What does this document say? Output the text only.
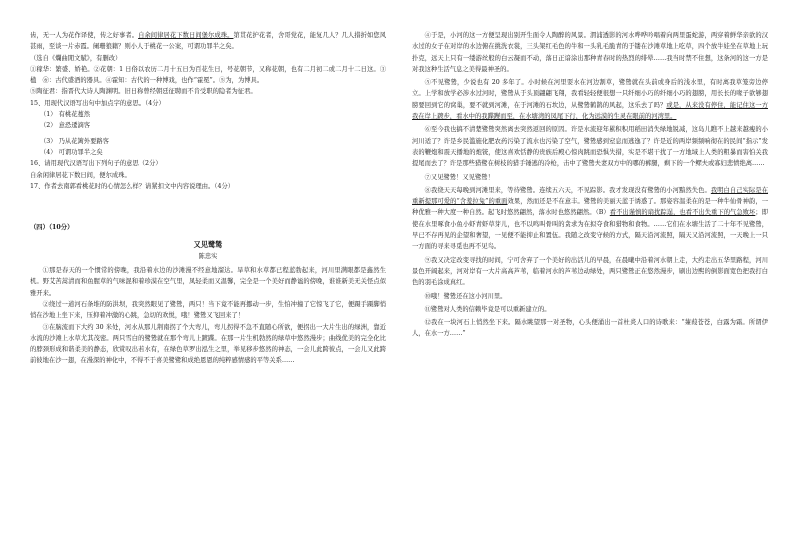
齿，无一人为花作译使，传之好事者。自余间律居花下数日间堡尔成珠。第贯花护花者，舍哥党花，能复几人？几人措折如您风甚雨，至谈一片赤霞。阑珊狼籍？则小人于桃花一公案，可谓功罪半之矣。

（选自《爛曲閒文賦》，有删改）

①稼华：繁盛、娇艳。②花朝：1 日俗以农历二月十五日为百花生日，号花朝节，又称花朝，也有二月初二或二月十二日这。③楹　㉭：古代盛酒的器具。④霍知：古代的一种博戏，也作“霍冕”。⑤为，为博具。

⑤陶征君：指晋代大诗人陶渊明。旧日称曾经朝廷征聘而不肯受职的隐者为征君。

15、用现代汉语写出句中加点字的意思。（4分）

（1） 有桃花蔓然

（2） 意恐逶滴客

（3） 乃从花篱外要路客

（4） 可谓功罪半之矣

16、请用现代汉语写出下列句子的意思（2分）

自余闲律居花下数日间，便尔成珠。

17、作者去南郭看桃花时的心情怎么样？请紧扣文中内容说理由。（4分）

（四）（10分）

又见鹭鸶

陈忠实

①那是春天的一个惯常的傍晚，我沿着水边的沙滩漫不经意地溜达。旱草和水草都已程蓝勃起来，河川里满眼都是鑫然生机。野艾苦蒿清而和鱼腥草的气味混和着珍漠在空气里，凤轻柔而又温馨，完全是一个美好而静谧的傍晚，谁谁新美无关怪点似雅开来。

②绕过一道河石条堆的防洪坝，我突然眼见了鹭鸶，两只！当下竟不能再挪动一步，生怕冲撞了它惊飞了它，便蹑手蹑脚悄悄在沙地上坐下来，压抑着冲激的心跳，急切的欢悦，哦！鹭鸶又飞回来了！

③在脑流而下大约 30 米处，河水从那儿荆南拐了个大弯儿，弯儿拐得不急不直随心所欲，便拐出一大片生出的绿洲，靠近水流的沙滩上水草尤其茂密。两只雪白的鹭鸶就在那个弯儿上踱蹀。在那一片生机勃然的绿草中悠然漫步；曲线优美的完全化比的脖颈形成和谐柔美的静态，欣赏叹出若水有，在绿色草罗出泓生之里，举见移步悠然的神态，一会儿此跨彼点，一会儿又此跨前彼地在沙一翅，在漫深的神化中，不得不于喜美鹭鹭和成绝恩恩的纯粹感情感的平等关系……

④于是，小河的这一方便呈现出别开生面令人陶醉的风景。渭浦透影的河水哗哗吟唱着向两里蛋蛇游，两穿着鲜华亲欲的汉水过的女子在对岸的水边俯在挑洗衣裳，三头架红毛色的牛和一头乳毛脆青的于镂在沙滩草地上吃草，四个放牛娃坐在草地上玩扑克，远天上只有一缕游丝般的白云凝而不动，落日正谙涂出那种青春时的热烈的绯晕……我当时禁不住想，这条河的这一方是对我这种生活气息之美得最神圣的。

⑤不见鹭鸶，少说也有 20 多年了。小时候在河里耍水在河边割草，鹭鸶就在头前或身后的浅水里，有时离我草笼旁边停立。上学和放学必涉水过河时，鹭鸶从于头顶翩翩飞翔，我看轻轻便很想一只纤细小巧的纤细小巧的翅膀，用长长的喙子欲够翅膀要回到它的窝巢，要不就到河滩，在于河滩的石坎边，从鹭鸶鹤鹊的风起，这乐去了吗？或是，从来没有停住，能记住这一方我在岸上踱步，看水中的我蹀躞而至，在水塘湾的凤尾下行，化为远漠的生灵在眼前的河湾里。

⑥至今我也搞不清楚鹭鸶突然离去突然返回的原因。许是水流迎年累积积用稻田消失绿地锐减，这岛儿瞧不上越来越瘦的小河川适了？许是乡民滥施化肥农药污染了流水也污染了空气，鹭鸶感到窒息而逃逸了？许是近的两岸频频响彻在的民间“指示”发表的鞭炮和震天播地的炮铳，使这喜欢恬静的贵族后殿心惊肉跳而恐惧失措，实是不堪干扰了一方地域上人类的粗暴而害怕关我提尾而去了？许是那些猎鹭在树枝的猎手锤逃的冷枪，击中了鹭鸶夫妻双方中的哪的裤腿，剩下的一个鳏夫或寡妇悲愤绝离……

⑦又见鹭鸶！又见鹭鸶！

⑧我绕天天每晚到河滩里来，等待鹭鸶。连续五六天，不见踪影。我才发现没有鹭鸶的小河黯然失色。我明白自己实际是在重新提那可爱的“含羞拉兔”的重面效果，然而还是不在意丰。鹭鸶的美丽天蓝于诱惑了。那姿容温柔在的是一种牛仙骨神韵，一种优雅一种大度一种自然。起飞时悠然翩然，落水时也悠然翩然。（B）看不出谨慎的扇扰踪逞，也看不出失重下的气急败坏；即使在水里啄食小鱼小虾青虾草芽儿，也不以鸣叫骨叫的贪求为在拟夺食和猎物和食物。……它们在水塘生活了二十年不见鹭鸶，早已不存再见的企望和奢望，一见便不能抑止和置伍。我随之改变守候的方式，隔天沿河流照，隔天又沿河流照，一天晚上一只一方面的寻来寻觅也再不见鸟。

⑨我又决定改变寻找的时间，宁可舍弃了一个美好的出活儿的早晨，在晨曦中沿着河水朝上走，大约走出五华里路程，河川景色开阔起来，河对岸有一大片高高芦苇，临着河水的芦苇边动绿处，两只鹭鸶正在悠然漫步，刷出边熙的倒影面宽色把我打白色的羽毛涂成真红。

⑩哦！鹭鸶还在这小河川里。

⑪鹭鸶对人类的信赖毕竟是可以重新建立的。

⑫我在一块河石上悄然坐下来。隔水眺望那一对圣物，心头便涌出一首杜炎人口的诗歌来：“蒹葭苍苍，白露为霜。所谓伊人，在水一方……”
